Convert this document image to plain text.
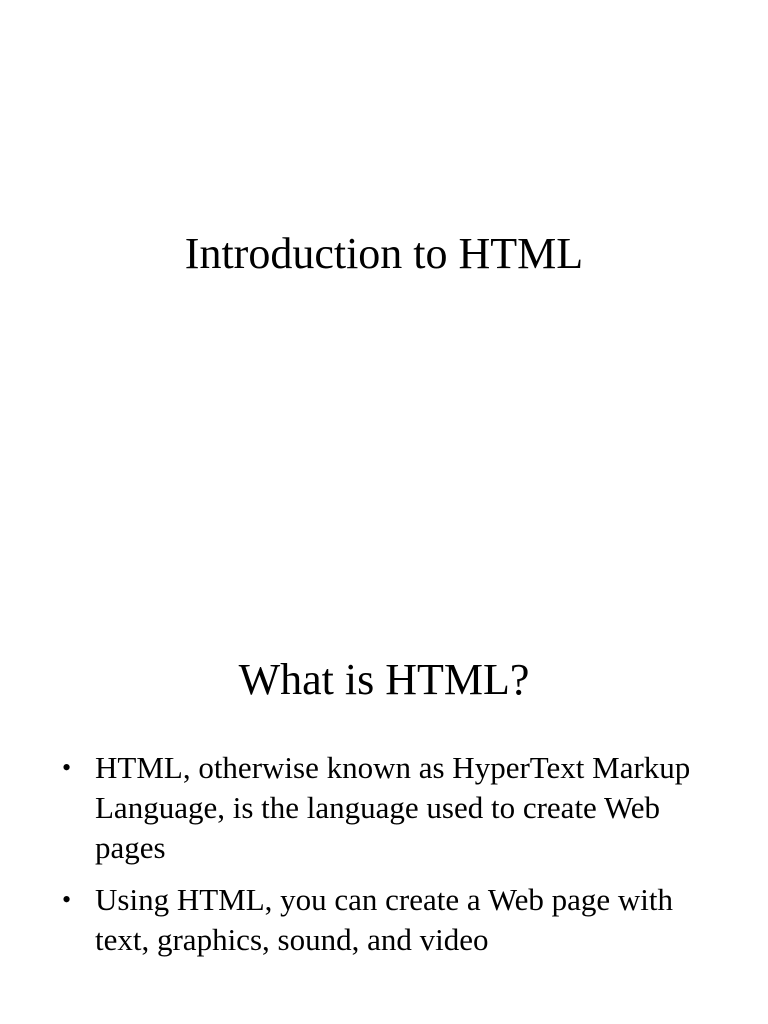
Introduction to HTML
What is HTML?
• HTML, otherwise known as HyperText Markup Language, is the language used to create Web pages
• Using HTML, you can create a Web page with text, graphics, sound, and video
